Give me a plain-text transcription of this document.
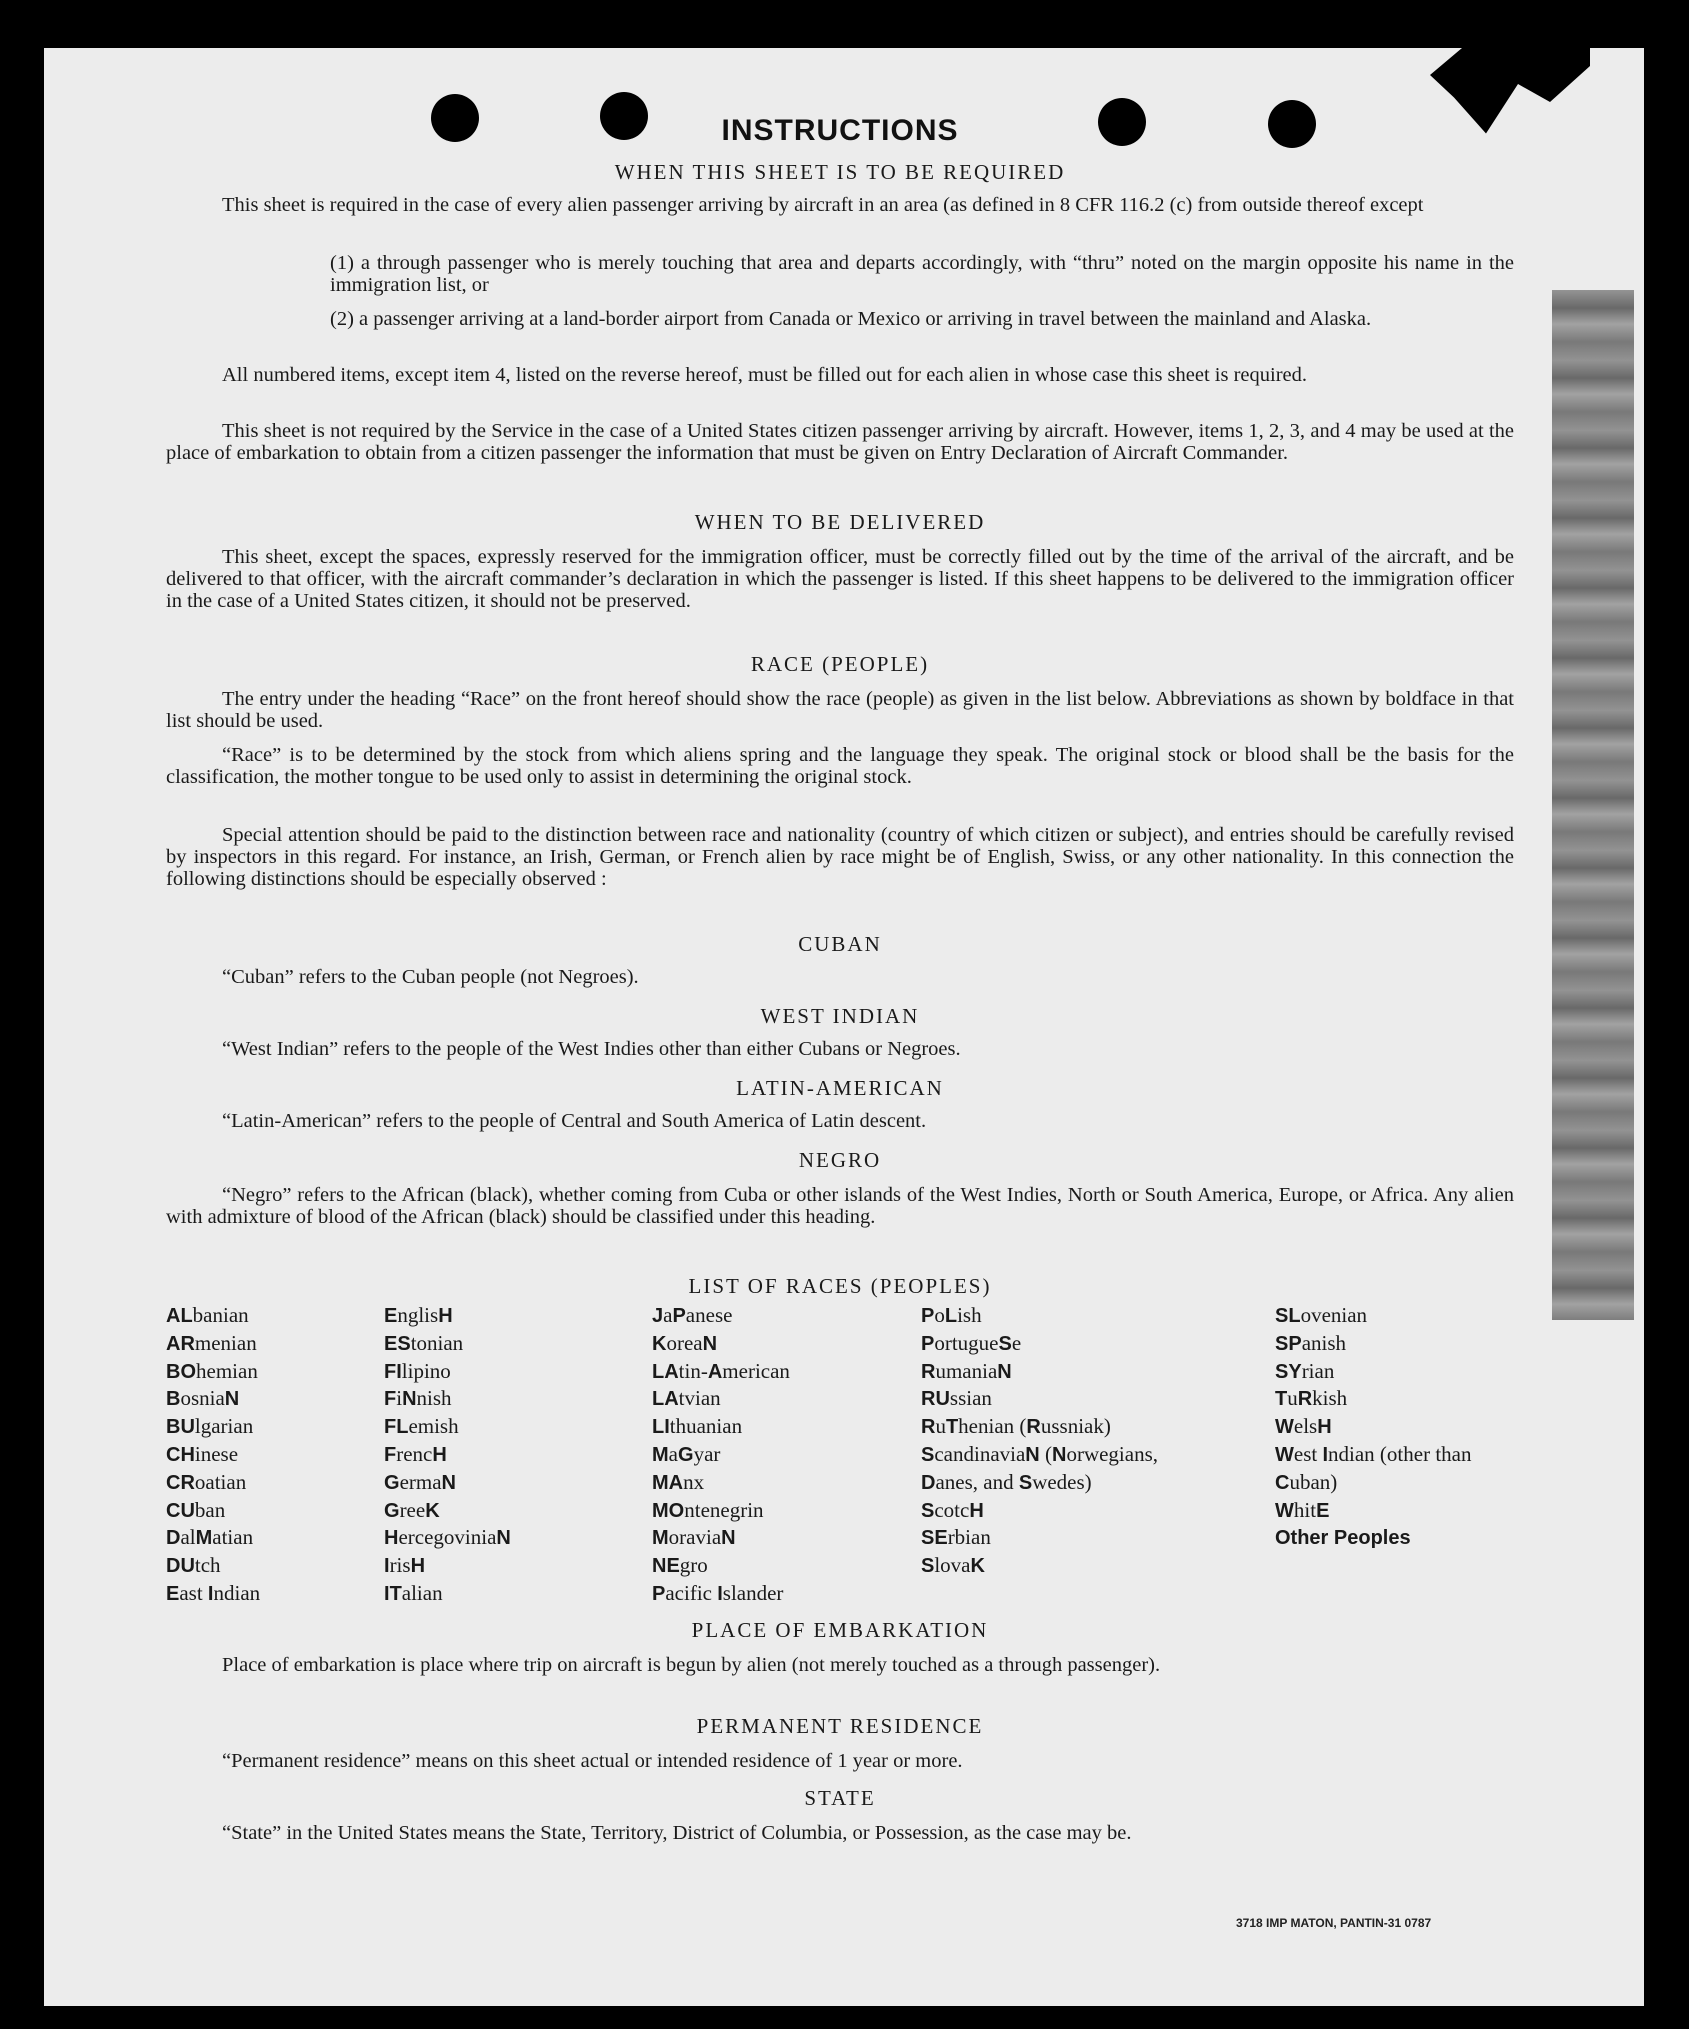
INSTRUCTIONS
WHEN THIS SHEET IS TO BE REQUIRED

This sheet is required in the case of every alien passenger arriving by aircraft in an area (as defined in 8 CFR 116.2 (c) from outside thereof except

(1) a through passenger who is merely touching that area and departs accordingly, with “thru” noted on the margin opposite his name in the immigration list, or

(2) a passenger arriving at a land-border airport from Canada or Mexico or arriving in travel between the mainland and Alaska.

All numbered items, except item 4, listed on the reverse hereof, must be filled out for each alien in whose case this sheet is required.

This sheet is not required by the Service in the case of a United States citizen passenger arriving by aircraft. However, items 1, 2, 3, and 4 may be used at the place of embarkation to obtain from a citizen passenger the information that must be given on Entry Declaration of Aircraft Commander.

WHEN TO BE DELIVERED

This sheet, except the spaces, expressly reserved for the immigration officer, must be correctly filled out by the time of the arrival of the aircraft, and be delivered to that officer, with the aircraft commander’s declaration in which the passenger is listed. If this sheet happens to be delivered to the immigration officer in the case of a United States citizen, it should not be preserved.

RACE (PEOPLE)

The entry under the heading “Race” on the front hereof should show the race (people) as given in the list below. Abbreviations as shown by boldface in that list should be used.

“Race” is to be determined by the stock from which aliens spring and the language they speak. The original stock or blood shall be the basis for the classification, the mother tongue to be used only to assist in determining the original stock.

Special attention should be paid to the distinction between race and nationality (country of which citizen or subject), and entries should be carefully revised by inspectors in this regard. For instance, an Irish, German, or French alien by race might be of English, Swiss, or any other nationality. In this connection the following distinctions should be especially observed :

CUBAN

“Cuban” refers to the Cuban people (not Negroes).

WEST INDIAN

“West Indian” refers to the people of the West Indies other than either Cubans or Negroes.

LATIN-AMERICAN

“Latin-American” refers to the people of Central and South America of Latin descent.

NEGRO

“Negro” refers to the African (black), whether coming from Cuba or other islands of the West Indies, North or South America, Europe, or Africa. Any alien with admixture of blood of the African (black) should be classified under this heading.

LIST OF RACES (PEOPLES)
ALbanian
ARmenian
BOhemian
BosniaN
BUlgarian
CHinese
CRoatian
CUban
DalMatian
DUtch
East Indian
EnglisH
EStonian
FIlipino
FiNnish
FLemish
FrencH
GermaN
GreeK
HercegoviniaN
IrisH
ITalian
JaPanese
KoreaN
LAtin-American
LAtvian
LIthuanian
MaGyar
MAnx
MOntenegrin
MoraviaN
NEgro
Pacific Islander
PoLish
PortugueSe
RumaniaN
RUssian
RuThenian (Russniak)
ScandinaviaN (Norwegians, Danes, and Swedes)
ScotcH
SErbian
SlovaK
SLovenian
SPanish
SYrian
TuRkish
WelsH
West Indian (other than Cuban)
WhitE
Other Peoples
PLACE OF EMBARKATION

Place of embarkation is place where trip on aircraft is begun by alien (not merely touched as a through passenger).

PERMANENT RESIDENCE

“Permanent residence” means on this sheet actual or intended residence of 1 year or more.

STATE

“State” in the United States means the State, Territory, District of Columbia, or Possession, as the case may be.

3718 IMP MATON, PANTIN-31 0787
